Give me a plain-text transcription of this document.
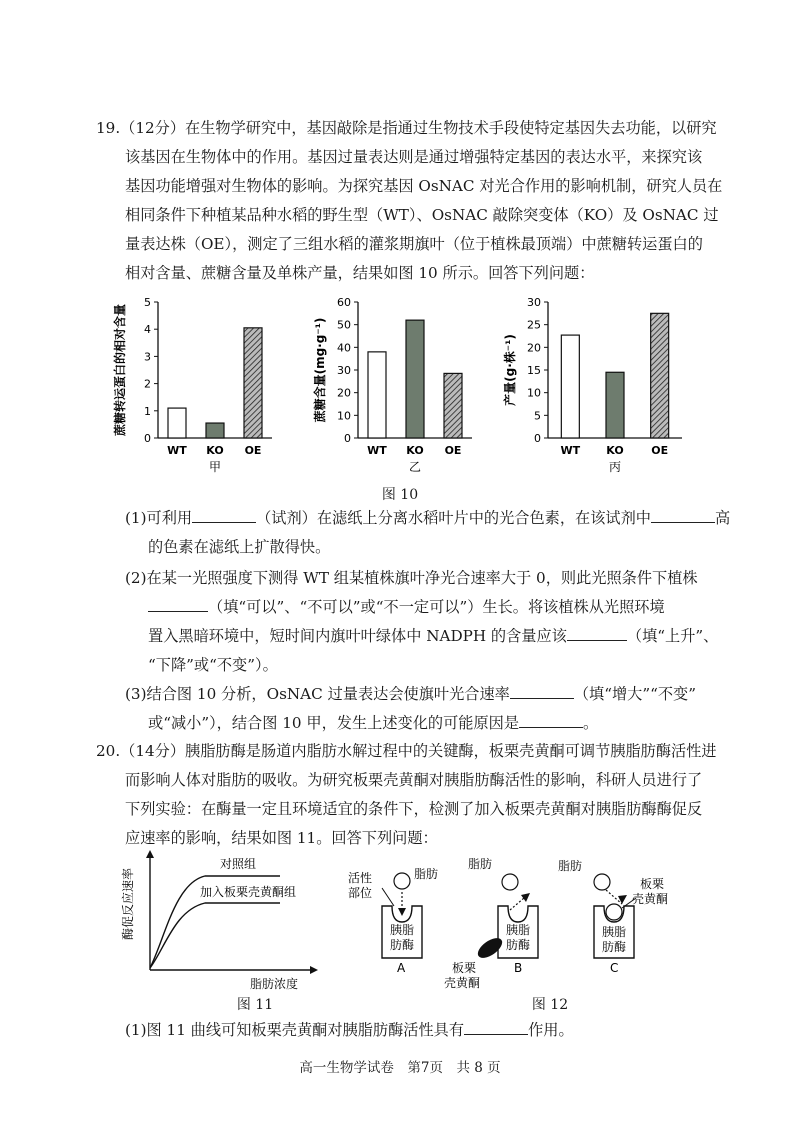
19.（12分）在生物学研究中，基因敲除是指通过生物技术手段使特定基因失去功能，以研究
该基因在生物体中的作用。基因过量表达则是通过增强特定基因的表达水平，来探究该
基因功能增强对生物体的影响。为探究基因 OsNAC 对光合作用的影响机制，研究人员在
相同条件下种植某品种水稻的野生型（WT）、OsNAC 敲除突变体（KO）及 OsNAC 过
量表达株（OE），测定了三组水稻的灌浆期旗叶（位于植株最顶端）中蔗糖转运蛋白的
相对含量、蔗糖含量及单株产量，结果如图 10 所示。回答下列问题：
蔗糖转运蛋白的相对含量
0
1
2
3
4
5
WT KO OE
甲
蔗糖含量(mg·g⁻¹)
0
10
20
30
40
50
60
WT KO OE
乙
产量(g·株⁻¹)
0
5
10
15
20
25
30
WT KO	OE
丙
图 10
(1)可利用	（试剂）在滤纸上分离水稻叶片中的光合色素，在该试剂中	高
的色素在滤纸上扩散得快。
(2)在某一光照强度下测得 WT 组某植株旗叶净光合速率大于 0，则此光照条件下植株
（填“可以”、“不可以”或“不一定可以”）生长。将该植株从光照环境
置入黑暗环境中，短时间内旗叶叶绿体中 NADPH 的含量应该	（填“上升”、
“下降”或“不变”）。
(3)结合图 10 分析，OsNAC 过量表达会使旗叶光合速率	（填“增大”“不变”
或“减小”），结合图 10 甲，发生上述变化的可能原因是	。
20.（14分）胰脂肪酶是肠道内脂肪水解过程中的关键酶，板栗壳黄酮可调节胰脂肪酶活性进
而影响人体对脂肪的吸收。为研究板栗壳黄酮对胰脂肪酶活性的影响，科研人员进行了
下列实验：在酶量一定且环境适宜的条件下，检测了加入板栗壳黄酮对胰脂肪酶酶促反
应速率的影响，结果如图 11。回答下列问题：
对照组
加入板栗壳黄酮组
酶促反应速率
脂肪浓度
图 11
活性
部位
脂肪
胰脂
肪酶
A
脂肪
胰脂
肪酶
板栗
壳黄酮
B
脂肪
胰脂
肪酶
板栗
壳黄酮
C
图 12
(1)图 11 曲线可知板栗壳黄酮对胰脂肪酶活性具有	作用。
高一生物学试卷　第7页　共 8 页
